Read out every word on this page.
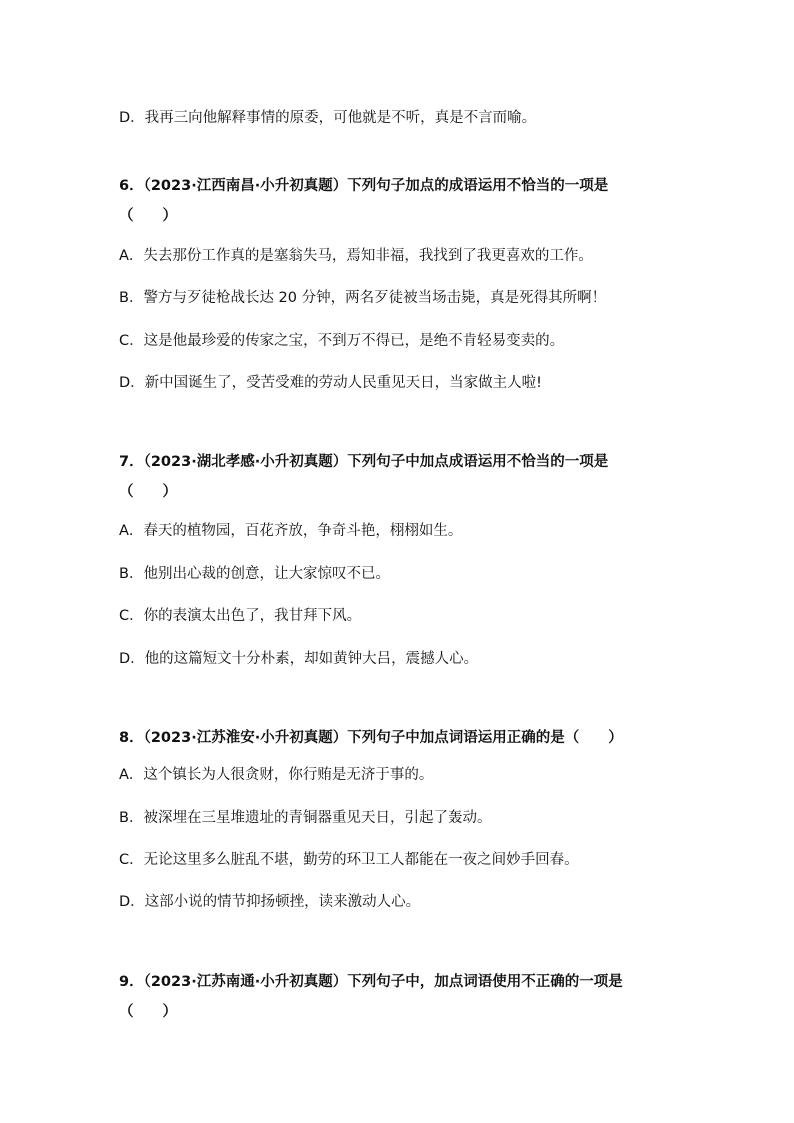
D．我再三向他解释事情的原委，可他就是不听，真是不言而喻。
6．（2023·江西南昌·小升初真题）下列句子加点的成语运用不恰当的一项是
（　　）
A．失去那份工作真的是塞翁失马，焉知非福，我找到了我更喜欢的工作。
B．警方与歹徒枪战长达 20 分钟，两名歹徒被当场击毙，真是死得其所啊！
C．这是他最珍爱的传家之宝，不到万不得已，是绝不肯轻易变卖的。
D．新中国诞生了，受苦受难的劳动人民重见天日，当家做主人啦!
7．（2023·湖北孝感·小升初真题）下列句子中加点成语运用不恰当的一项是
（　　）
A．春天的植物园，百花齐放，争奇斗艳，栩栩如生。
B．他别出心裁的创意，让大家惊叹不已。
C．你的表演太出色了，我甘拜下风。
D．他的这篇短文十分朴素，却如黄钟大吕，震撼人心。
8．（2023·江苏淮安·小升初真题）下列句子中加点词语运用正确的是（　　）
A．这个镇长为人很贪财，你行贿是无济于事的。
B．被深埋在三星堆遗址的青铜器重见天日，引起了轰动。
C．无论这里多么脏乱不堪，勤劳的环卫工人都能在一夜之间妙手回春。
D．这部小说的情节抑扬顿挫，读来激动人心。
9．（2023·江苏南通·小升初真题）下列句子中，加点词语使用不正确的一项是
（　　）
